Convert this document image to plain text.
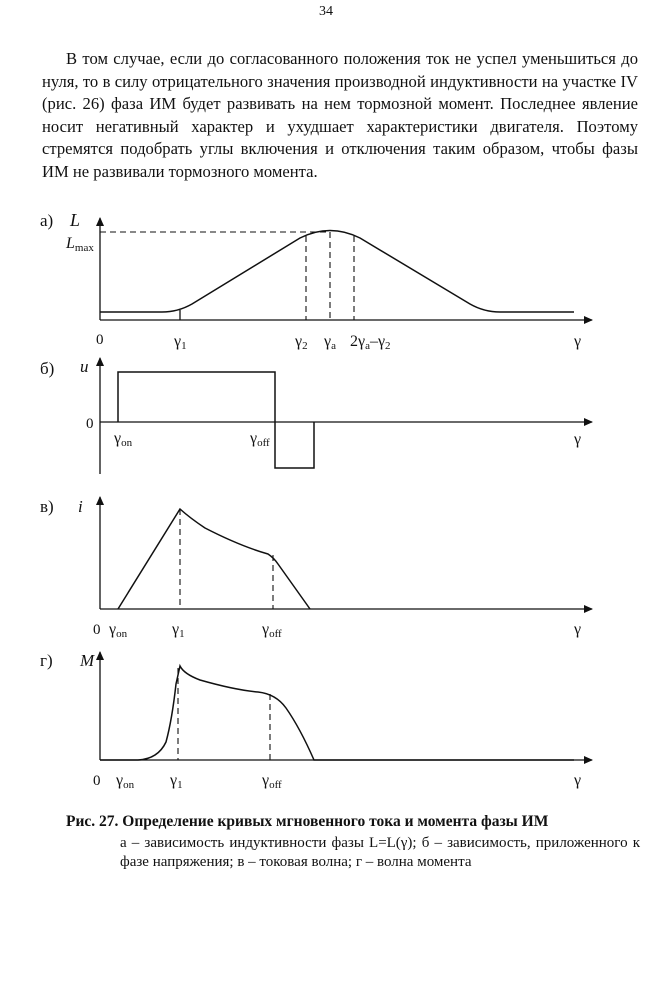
34

В том случае, если до согласованного положения ток не успел уменьшиться до нуля, то в силу отрицательного значения производной индуктивности на участке IV (рис. 26) фаза ИМ будет развивать на нем тормозной момент. Последнее явление носит негативный характер и ухудшает характеристики двигателя. Поэтому стремятся подобрать углы включения и отключения таким образом, чтобы фазы ИМ не развивали тормозного момента.

а) L
Lmax
0	γ1	γ2 γa 2γa–γ2	γ
б) u
0
γon	γoff	γ
в) i
0 γon	γ1	γoff	γ
г) M
0 γon γ1	γoff	γ
Рис. 27. Определение кривых мгновенного тока и момента фазы ИМ

а – зависимость индуктивности фазы L=L(γ); б – зависимость, приложенного к фазе напряжения; в – токовая волна; г – волна момента
